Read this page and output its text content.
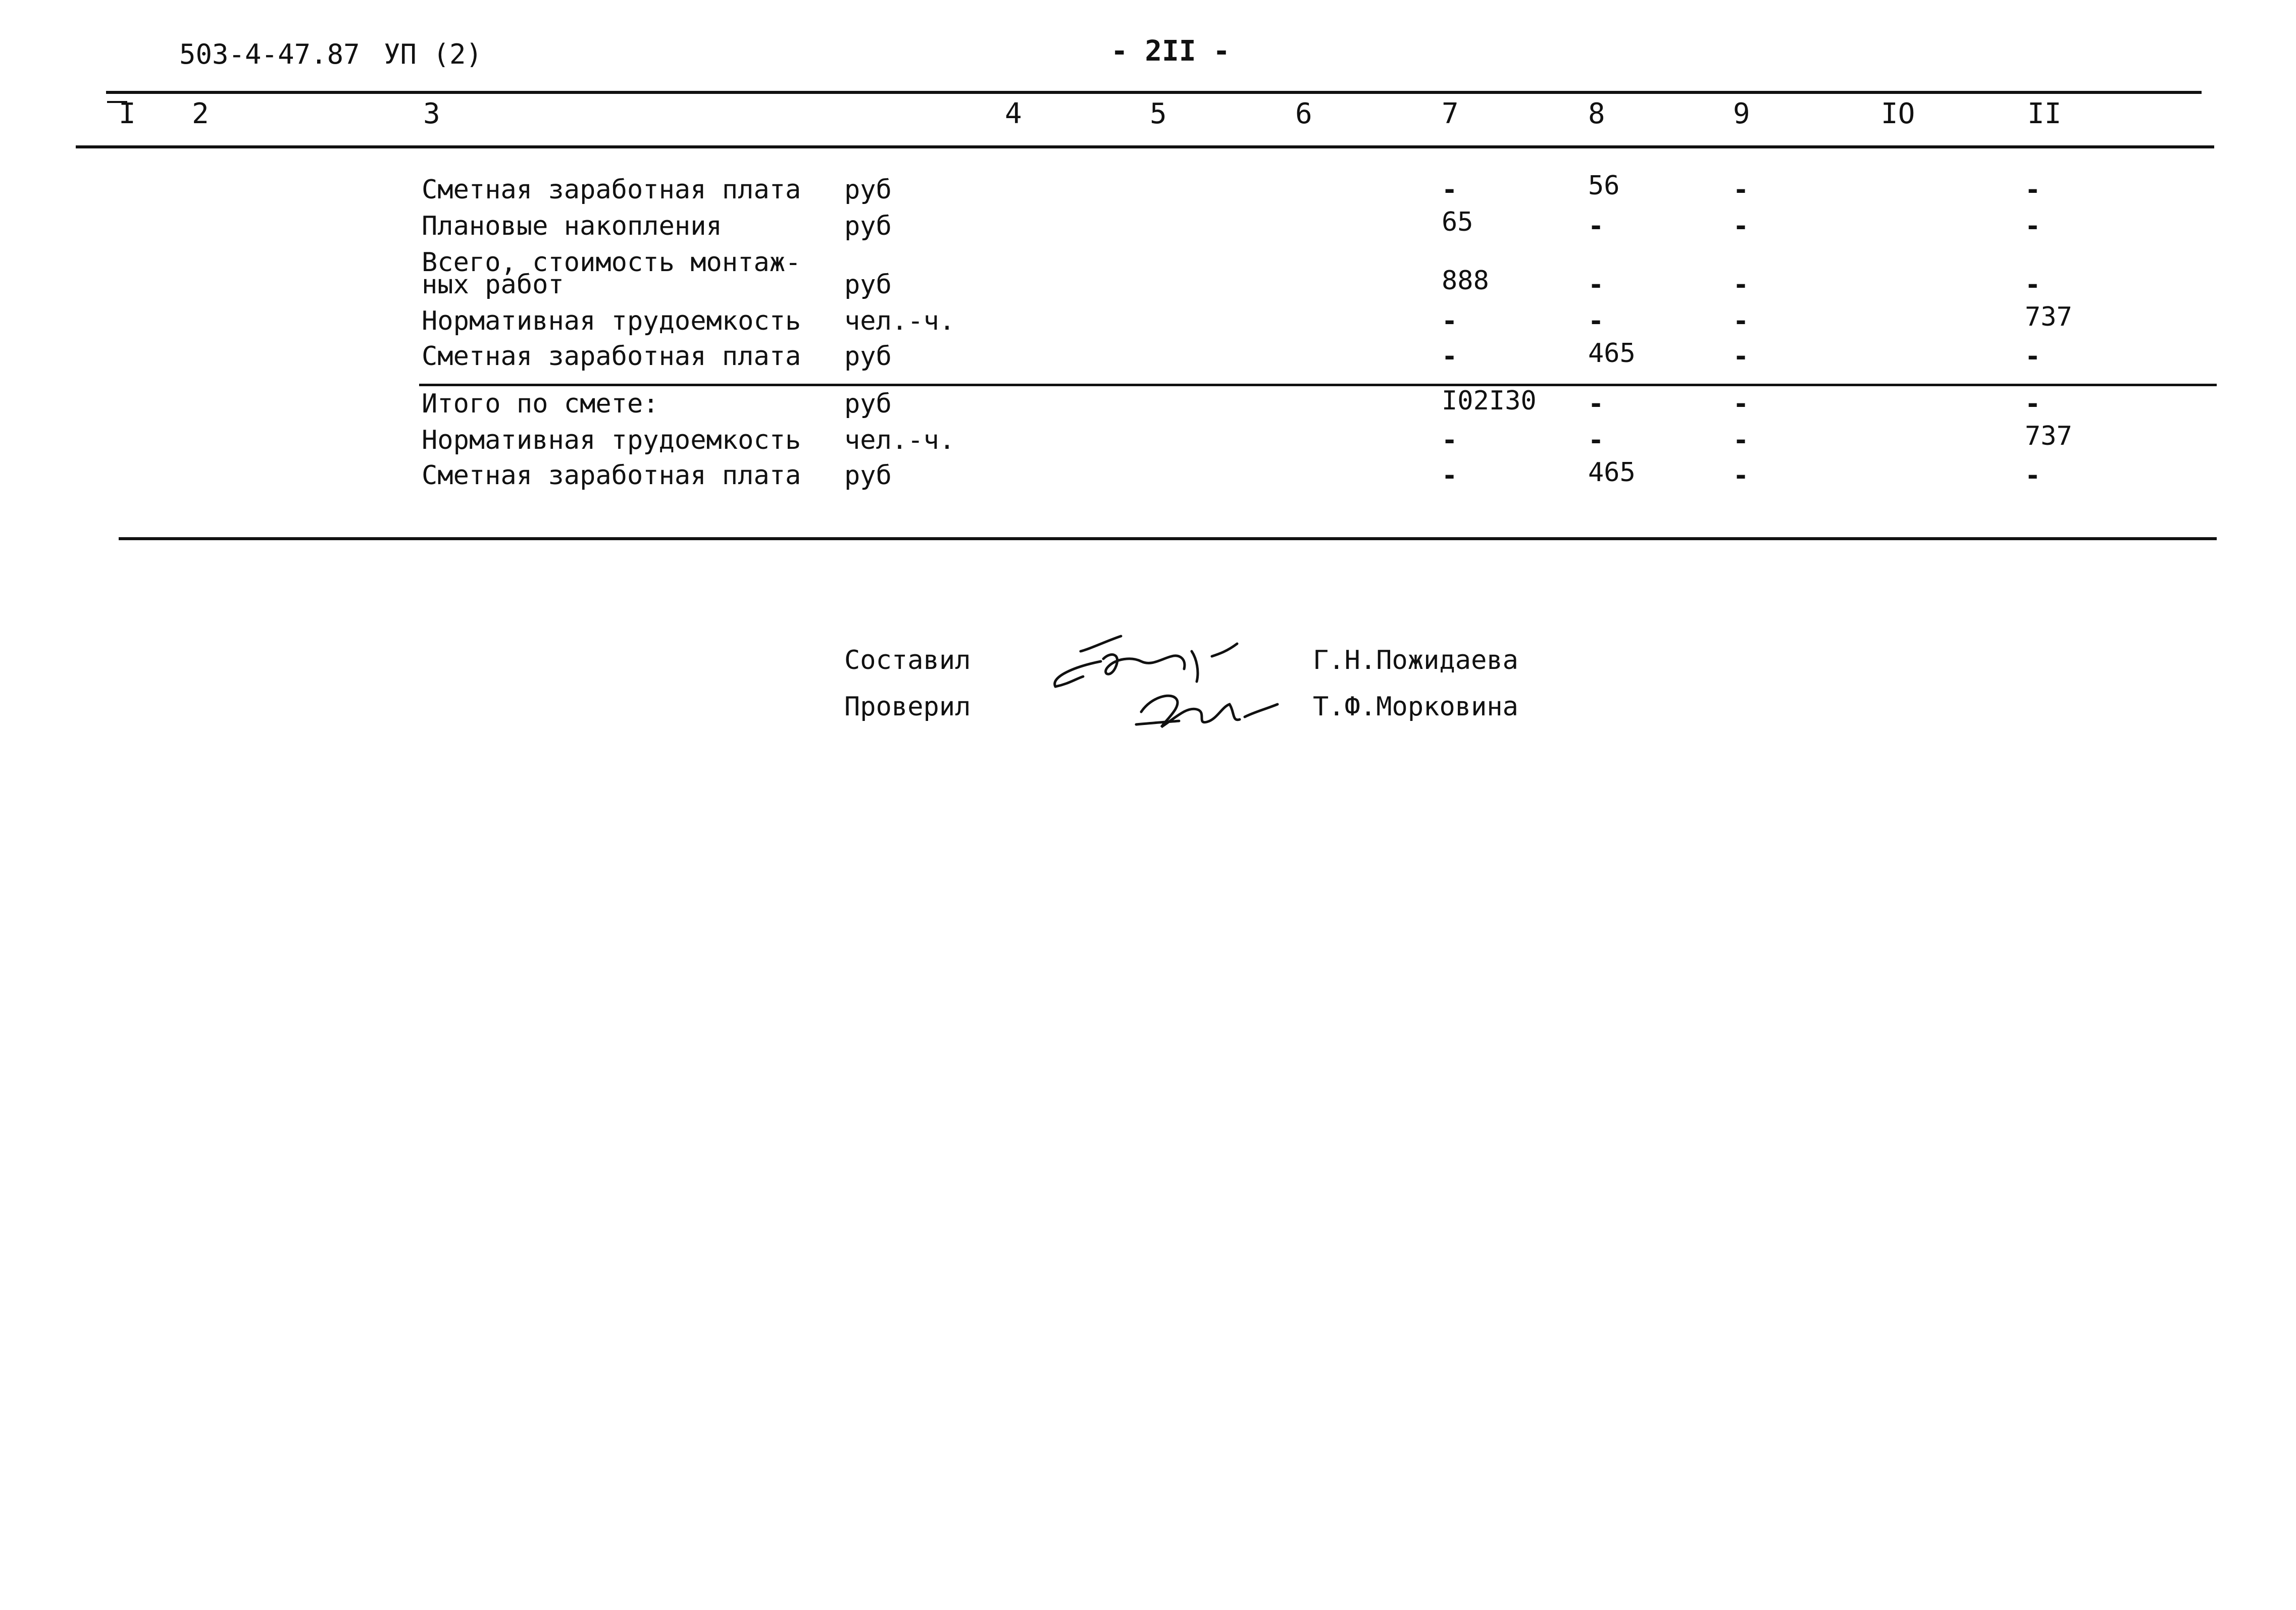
503-4-47.87 УП (2)	- 2II -
I 2	3	4	5	6	7	8	9	IO	II
Сметная заработная плата руб	-	56	-	-
Плановые накопления	руб	65	-	-	-
Всего, стоимость монтаж-
ных работ	руб	888	-	-	-
Нормативная трудоемкость чел.-ч.	-	-	-	737
Сметная заработная плата руб	-	465	-	-
Итого по смете:	руб	I02I30 -	-	-
Нормативная трудоемкость чел.-ч.	-	-	-	737
Сметная заработная плата руб	-	465	-	-
Составил	Г.Н.Пожидаева
Проверил	Т.Ф.Морковина
